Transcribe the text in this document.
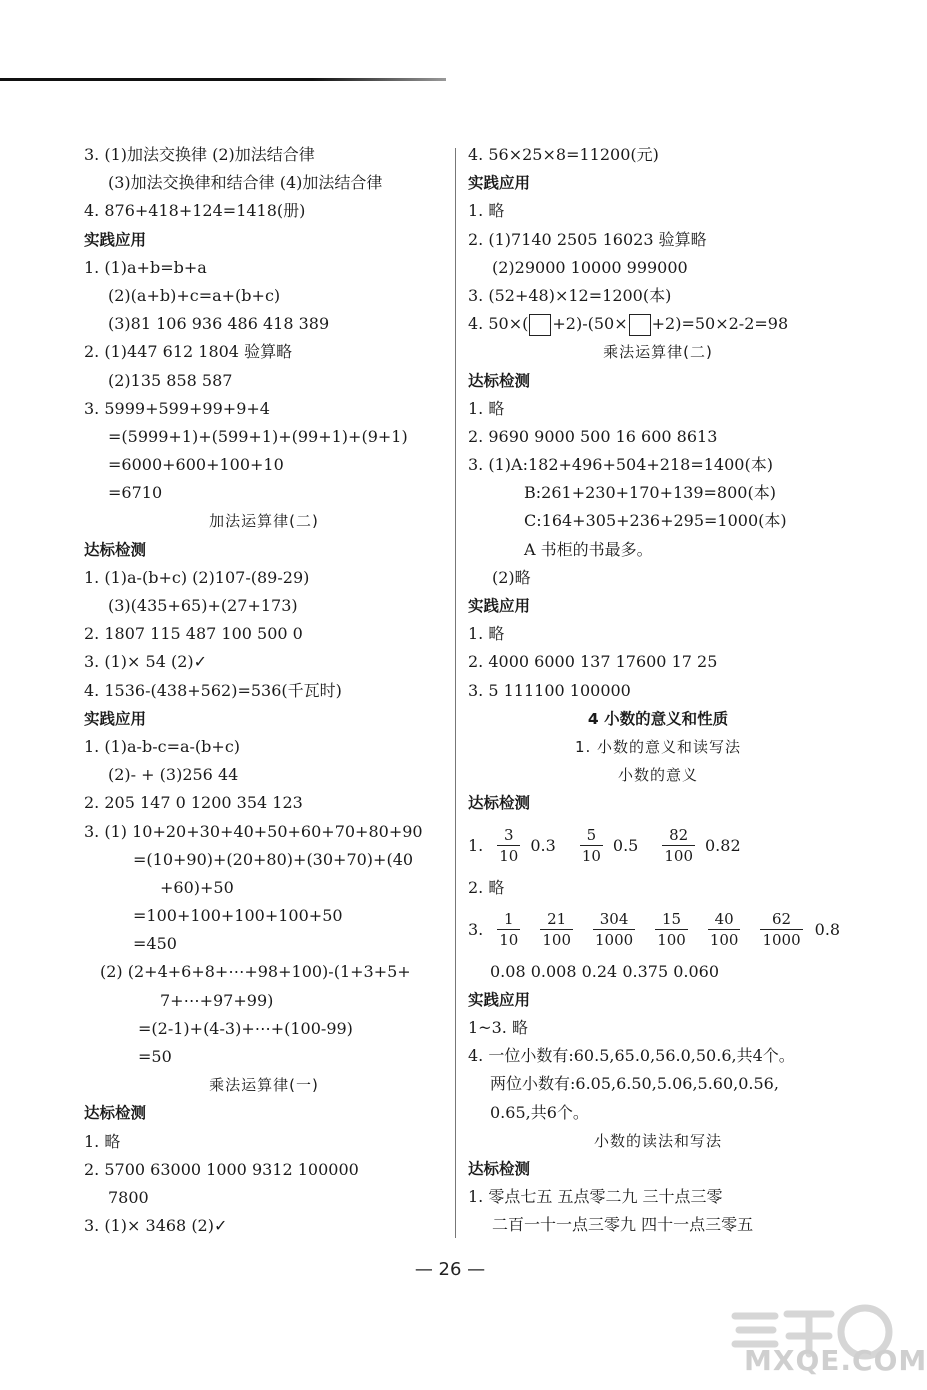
3. (1)加法交换律 (2)加法结合律
(3)加法交换律和结合律 (4)加法结合律
4. 876+418+124=1418(册)
实践应用
1. (1)a+b=b+a
(2)(a+b)+c=a+(b+c)
(3)81 106 936 486 418 389
2. (1)447 612 1804 验算略
(2)135 858 587
3. 5999+599+99+9+4
=(5999+1)+(599+1)+(99+1)+(9+1)
=6000+600+100+10
=6710
加法运算律(二)
达标检测
1. (1)a-(b+c) (2)107-(89-29)
(3)(435+65)+(27+173)
2. 1807 115 487 100 500 0
3. (1)× 54 (2)✓
4. 1536-(438+562)=536(千瓦时)
实践应用
1. (1)a-b-c=a-(b+c)
(2)- + (3)256 44
2. 205 147 0 1200 354 123
3. (1) 10+20+30+40+50+60+70+80+90
=(10+90)+(20+80)+(30+70)+(40
+60)+50
=100+100+100+100+50
=450
(2) (2+4+6+8+⋯+98+100)-(1+3+5+
7+⋯+97+99)
=(2-1)+(4-3)+⋯+(100-99)
=50
乘法运算律(一)
达标检测
1. 略
2. 5700 63000 1000 9312 100000
7800
3. (1)× 3468 (2)✓
4. 56×25×8=11200(元)
实践应用
1. 略
2. (1)7140 2505 16023 验算略
(2)29000 10000 999000
3. (52+48)×12=1200(本)
4. 50×( +2)-(50× +2)=50×2-2=98
乘法运算律(二)
达标检测
1. 略
2. 9690 9000 500 16 600 8613
3. (1)A:182+496+504+218=1400(本)
B:261+230+170+139=800(本)
C:164+305+236+295=1000(本)
A 书柜的书最多。
(2)略
实践应用
1. 略
2. 4000 6000 137 17600 17 25
3. 5 111100 100000
4 小数的意义和性质
1. 小数的意义和读写法
小数的意义
达标检测
1. $\frac{3}{10} 0.3 \frac{5}{10} 0.5 \frac{82}{100} 0.82$
2. 略
3. $\frac{1}{10} \frac{21}{100} \frac{304}{1000} \frac{15}{100} \frac{40}{100} \frac{62}{1000} 0.8$
0.08 0.008 0.24 0.375 0.060
实践应用
1~3. 略
4. 一位小数有:60.5,65.0,56.0,50.6,共4个。
两位小数有:6.05,6.50,5.06,5.60,0.56,
0.65,共6个。
小数的读法和写法
达标检测
1. 零点七五 五点零二九 三十点三零
二百一十一点三零九 四十一点三零五
— 26 —
MXQE.COM
